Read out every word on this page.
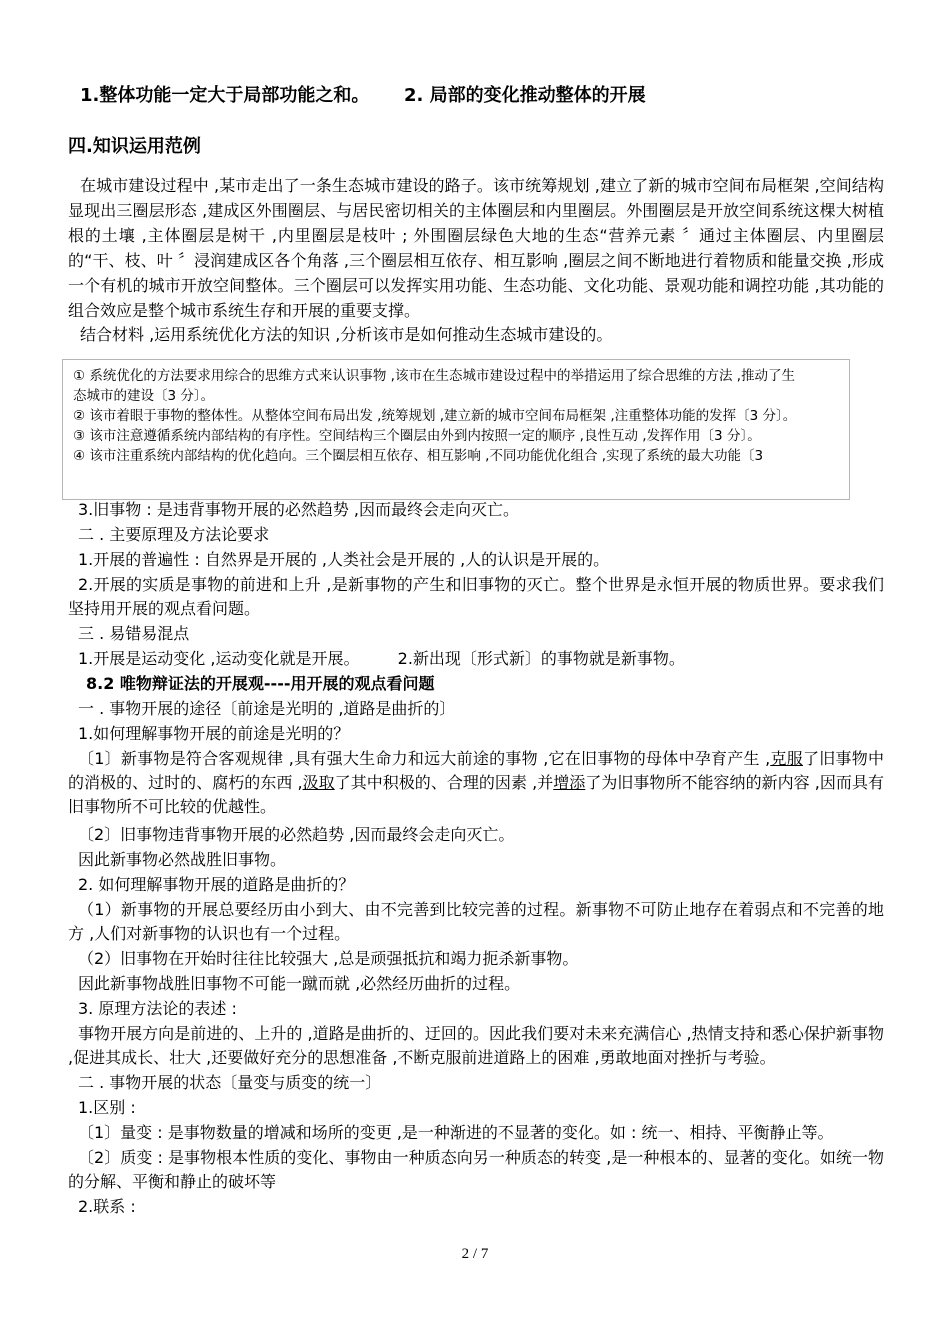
1.整体功能一定大于局部功能之和。 2. 局部的变化推动整体的开展
四.知识运用范例
在城市建设过程中 ,某市走出了一条生态城市建设的路子。该市统筹规划 ,建立了新的城市空间布局框架 ,空间结构显现出三圈层形态 ,建成区外围圈层、与居民密切相关的主体圈层和内里圈层。外围圈层是开放空间系统这棵大树植根的土壤 ,主体圈层是树干 ,内里圈层是枝叶 ; 外围圈层绿色大地的生态“营养元素 〞通过主体圈层、内里圈层的“干、枝、叶 〞浸润建成区各个角落 ,三个圈层相互依存、相互影响 ,圈层之间不断地进行着物质和能量交换 ,形成一个有机的城市开放空间整体。三个圈层可以发挥实用功能、生态功能、文化功能、景观功能和调控功能 ,其功能的组合效应是整个城市系统生存和开展的重要支撑。
结合材料 ,运用系统优化方法的知识 ,分析该市是如何推动生态城市建设的。
① 系统优化的方法要求用综合的思维方式来认识事物 ,该市在生态城市建设过程中的举措运用了综合思维的方法 ,推动了生
态城市的建设〔3 分〕。
② 该市着眼于事物的整体性。从整体空间布局出发 ,统筹规划 ,建立新的城市空间布局框架 ,注重整体功能的发挥〔3 分〕。
③ 该市注意遵循系统内部结构的有序性。空间结构三个圈层由外到内按照一定的顺序 ,良性互动 ,发挥作用〔3 分〕。
④ 该市注重系统内部结构的优化趋向。三个圈层相互依存、相互影响 ,不同功能优化组合 ,实现了系统的最大功能〔3
3.旧事物 : 是违背事物开展的必然趋势 ,因而最终会走向灭亡。
二 . 主要原理及方法论要求
1.开展的普遍性 : 自然界是开展的 ,人类社会是开展的 ,人的认识是开展的。
2.开展的实质是事物的前进和上升 ,是新事物的产生和旧事物的灭亡。整个世界是永恒开展的物质世界。要求我们坚持用开展的观点看问题。
三 . 易错易混点
1.开展是运动变化 ,运动变化就是开展。 2.新出现〔形式新〕的事物就是新事物。
8.2 唯物辩证法的开展观----用开展的观点看问题
一 . 事物开展的途径〔前途是光明的 ,道路是曲折的〕
1.如何理解事物开展的前途是光明的？
〔1〕新事物是符合客观规律 ,具有强大生命力和远大前途的事物 ,它在旧事物的母体中孕育产生 ,克服了旧事物中的消极的、过时的、腐朽的东西 ,汲取了其中积极的、合理的因素 ,并增添了为旧事物所不能容纳的新内容 ,因而具有旧事物所不可比较的优越性。
〔2〕旧事物违背事物开展的必然趋势 ,因而最终会走向灭亡。
因此新事物必然战胜旧事物。
2. 如何理解事物开展的道路是曲折的？
（1）新事物的开展总要经历由小到大、由不完善到比较完善的过程。新事物不可防止地存在着弱点和不完善的地方 ,人们对新事物的认识也有一个过程。
（2）旧事物在开始时往往比较强大 ,总是顽强抵抗和竭力扼杀新事物。
因此新事物战胜旧事物不可能一蹴而就 ,必然经历曲折的过程。
3. 原理方法论的表述 :
事物开展方向是前进的、上升的 ,道路是曲折的、迂回的。因此我们要对未来充满信心 ,热情支持和悉心保护新事物 ,促进其成长、壮大 ,还要做好充分的思想准备 ,不断克服前进道路上的困难 ,勇敢地面对挫折与考验。
二 . 事物开展的状态〔量变与质变的统一〕
1.区别 :
〔1〕量变 : 是事物数量的增减和场所的变更 ,是一种渐进的不显著的变化。如 : 统一、相持、平衡静止等。
〔2〕质变 : 是事物根本性质的变化、事物由一种质态向另一种质态的转变 ,是一种根本的、显著的变化。如统一物的分解、平衡和静止的破坏等
2.联系 :
2 / 7
